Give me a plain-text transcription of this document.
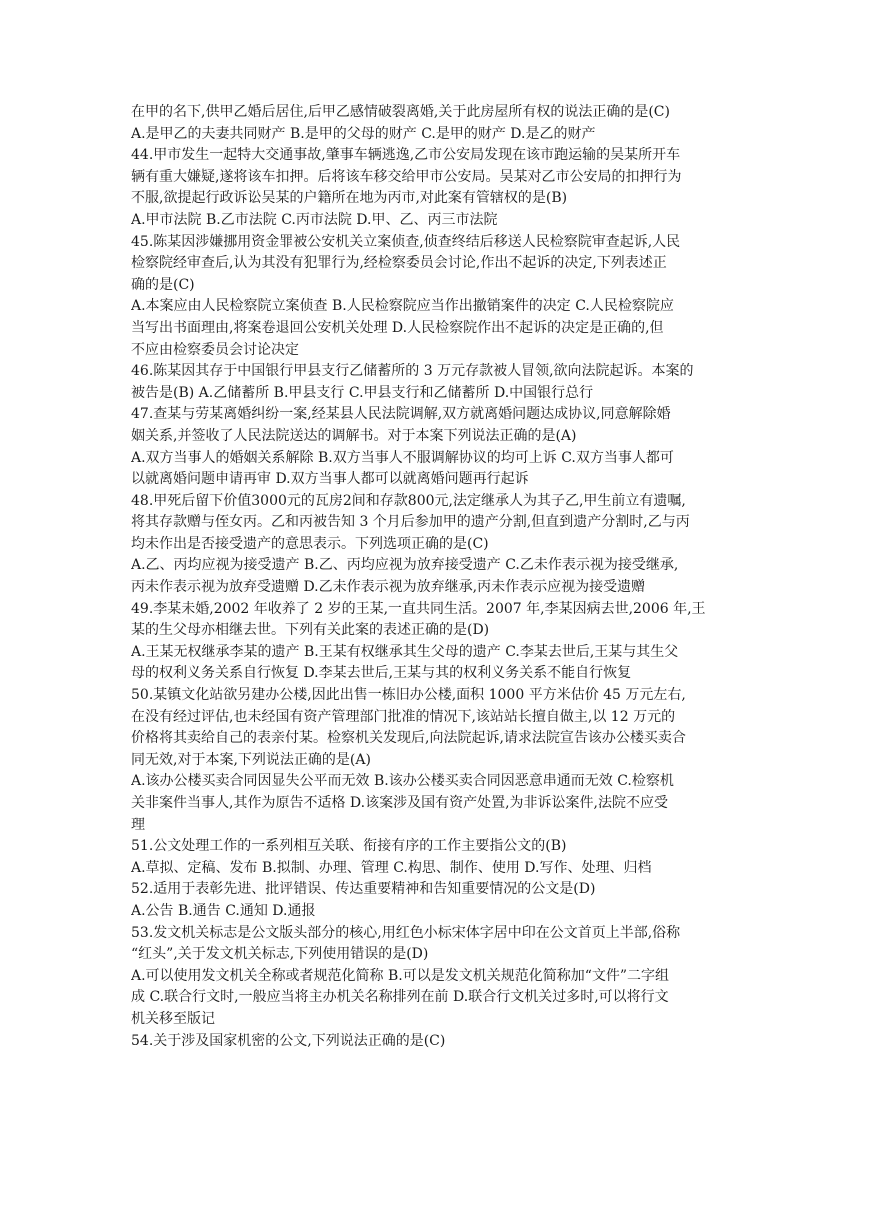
在甲的名下,供甲乙婚后居住,后甲乙感情破裂离婚,关于此房屋所有权的说法正确的是(C)
A.是甲乙的夫妻共同财产 B.是甲的父母的财产 C.是甲的财产 D.是乙的财产
44.甲市发生一起特大交通事故,肇事车辆逃逸,乙市公安局发现在该市跑运输的吴某所开车
辆有重大嫌疑,遂将该车扣押。后将该车移交给甲市公安局。吴某对乙市公安局的扣押行为
不服,欲提起行政诉讼吴某的户籍所在地为丙市,对此案有管辖权的是(B)
A.甲市法院 B.乙市法院 C.丙市法院 D.甲、乙、丙三市法院
45.陈某因涉嫌挪用资金罪被公安机关立案侦查,侦查终结后移送人民检察院审查起诉,人民
检察院经审查后,认为其没有犯罪行为,经检察委员会讨论,作出不起诉的决定,下列表述正
确的是(C)
A.本案应由人民检察院立案侦查 B.人民检察院应当作出撤销案件的决定 C.人民检察院应
当写出书面理由,将案卷退回公安机关处理 D.人民检察院作出不起诉的决定是正确的,但
不应由检察委员会讨论决定
46.陈某因其存于中国银行甲县支行乙储蓄所的 3 万元存款被人冒领,欲向法院起诉。本案的
被告是(B) A.乙储蓄所 B.甲县支行 C.甲县支行和乙储蓄所 D.中国银行总行
47.查某与劳某离婚纠纷一案,经某县人民法院调解,双方就离婚问题达成协议,同意解除婚
姻关系,并签收了人民法院送达的调解书。对于本案下列说法正确的是(A)
A.双方当事人的婚姻关系解除 B.双方当事人不服调解协议的均可上诉 C.双方当事人都可
以就离婚问题申请再审 D.双方当事人都可以就离婚问题再行起诉
48.甲死后留下价值3000元的瓦房2间和存款800元,法定继承人为其子乙,甲生前立有遗嘱,
将其存款赠与侄女丙。乙和丙被告知 3 个月后参加甲的遗产分割,但直到遗产分割时,乙与丙
均未作出是否接受遗产的意思表示。下列选项正确的是(C)
A.乙、丙均应视为接受遗产 B.乙、丙均应视为放弃接受遗产 C.乙未作表示视为接受继承,
丙未作表示视为放弃受遗赠 D.乙未作表示视为放弃继承,丙未作表示应视为接受遗赠
49.李某未婚,2002 年收养了 2 岁的王某,一直共同生活。2007 年,李某因病去世,2006 年,王
某的生父母亦相继去世。下列有关此案的表述正确的是(D)
A.王某无权继承李某的遗产 B.王某有权继承其生父母的遗产 C.李某去世后,王某与其生父
母的权利义务关系自行恢复 D.李某去世后,王某与其的权利义务关系不能自行恢复
50.某镇文化站欲另建办公楼,因此出售一栋旧办公楼,面积 1000 平方米估价 45 万元左右,
在没有经过评估,也未经国有资产管理部门批准的情况下,该站站长擅自做主,以 12 万元的
价格将其卖给自己的表亲付某。检察机关发现后,向法院起诉,请求法院宣告该办公楼买卖合
同无效,对于本案,下列说法正确的是(A)
A.该办公楼买卖合同因显失公平而无效 B.该办公楼买卖合同因恶意串通而无效 C.检察机
关非案件当事人,其作为原告不适格 D.该案涉及国有资产处置,为非诉讼案件,法院不应受
理
51.公文处理工作的一系列相互关联、衔接有序的工作主要指公文的(B)
A.草拟、定稿、发布 B.拟制、办理、管理 C.构思、制作、使用 D.写作、处理、归档
52.适用于表彰先进、批评错误、传达重要精神和告知重要情况的公文是(D)
A.公告 B.通告 C.通知 D.通报
53.发文机关标志是公文版头部分的核心,用红色小标宋体字居中印在公文首页上半部,俗称
“红头”,关于发文机关标志,下列使用错误的是(D)
A.可以使用发文机关全称或者规范化简称 B.可以是发文机关规范化简称加“文件”二字组
成 C.联合行文时,一般应当将主办机关名称排列在前 D.联合行文机关过多时,可以将行文
机关移至版记
54.关于涉及国家机密的公文,下列说法正确的是(C)
